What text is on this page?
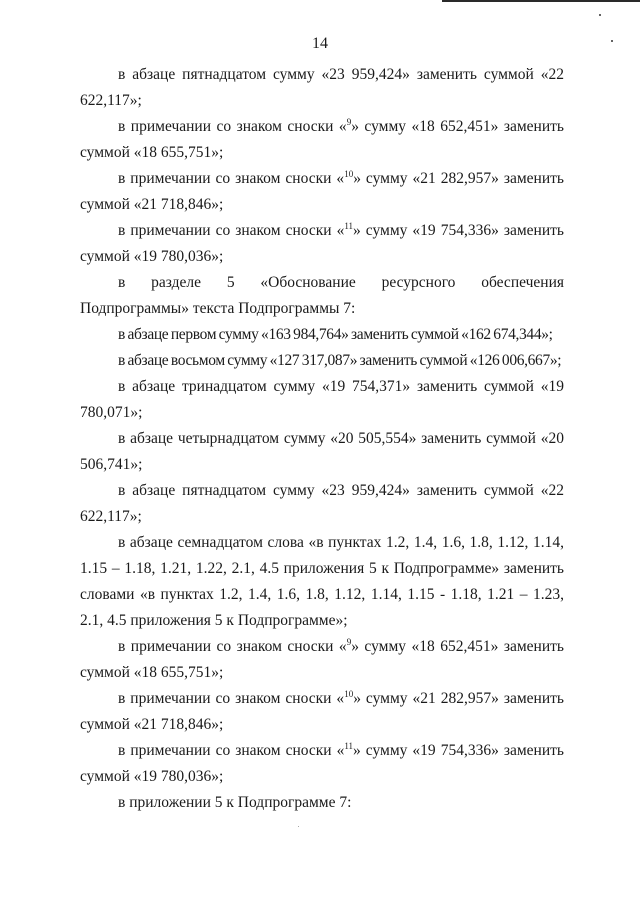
14

в абзаце пятнадцатом сумму «23 959,424» заменить суммой «22 622,117»;

в примечании со знаком сноски «$^9$» сумму «18 652,451» заменить суммой «18 655,751»;

в примечании со знаком сноски «$^{10}$» сумму «21 282,957» заменить суммой «21 718,846»;

в примечании со знаком сноски «$^{11}$» сумму «19 754,336» заменить суммой «19 780,036»;

в разделе 5 «Обоснование ресурсного обеспечения Подпрограммы» текста Подпрограммы 7:

в абзаце первом сумму «163 984,764» заменить суммой «162 674,344»;

в абзаце восьмом сумму «127 317,087» заменить суммой «126 006,667»;

в абзаце тринадцатом сумму «19 754,371» заменить суммой «19 780,071»;

в абзаце четырнадцатом сумму «20 505,554» заменить суммой «20 506,741»;

в абзаце пятнадцатом сумму «23 959,424» заменить суммой «22 622,117»;

в абзаце семнадцатом слова «в пунктах 1.2, 1.4, 1.6, 1.8, 1.12, 1.14, 1.15 – 1.18, 1.21, 1.22, 2.1, 4.5 приложения 5 к Подпрограмме» заменить словами «в пунктах 1.2, 1.4, 1.6, 1.8, 1.12, 1.14, 1.15 - 1.18, 1.21 – 1.23, 2.1, 4.5 приложения 5 к Подпрограмме»;

в примечании со знаком сноски «$^9$» сумму «18 652,451» заменить суммой «18 655,751»;

в примечании со знаком сноски «$^{10}$» сумму «21 282,957» заменить суммой «21 718,846»;

в примечании со знаком сноски «$^{11}$» сумму «19 754,336» заменить суммой «19 780,036»;

в приложении 5 к Подпрограмме 7:
